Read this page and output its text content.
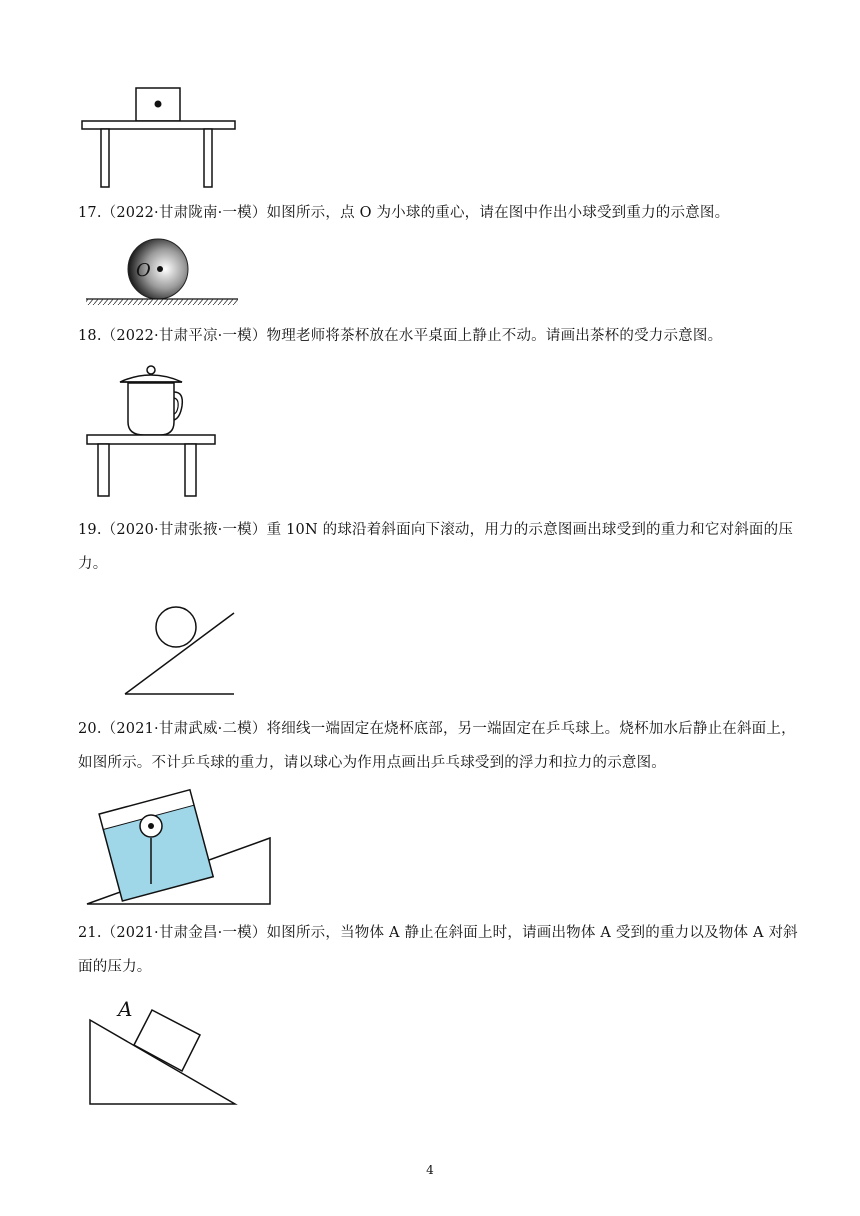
17.（2022·甘肃陇南·一模）如图所示，点 O 为小球的重心，请在图中作出小球受到重力的示意图。
O
18.（2022·甘肃平凉·一模）物理老师将茶杯放在水平桌面上静止不动。请画出茶杯的受力示意图。
19.（2020·甘肃张掖·一模）重 10N 的球沿着斜面向下滚动，用力的示意图画出球受到的重力和它对斜面的压力。
20.（2021·甘肃武威·二模）将细线一端固定在烧杯底部，另一端固定在乒乓球上。烧杯加水后静止在斜面上，如图所示。不计乒乓球的重力，请以球心为作用点画出乒乓球受到的浮力和拉力的示意图。
21.（2021·甘肃金昌·一模）如图所示，当物体 A 静止在斜面上时，请画出物体 A 受到的重力以及物体 A 对斜面的压力。
A
4
